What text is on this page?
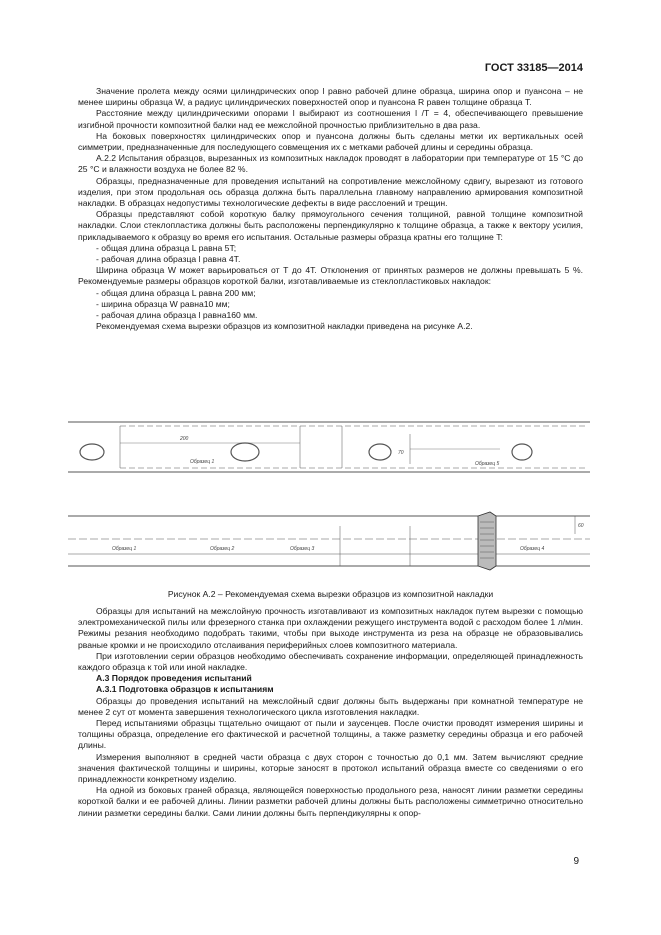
ГОСТ 33185—2014

Значение пролета между осями цилиндрических опор l равно рабочей длине образца, ширина опор и пуансона – не менее ширины образца W, а радиус цилиндрических поверхностей опор и пуансона R равен толщине образца T.

Расстояние между цилиндрическими опорами l выбирают из соотношения l /T = 4, обеспечивающего превышение изгибной прочности композитной балки над ее межслойной прочностью приблизительно в два раза.

На боковых поверхностях цилиндрических опор и пуансона должны быть сделаны метки их вертикальных осей симметрии, предназначенные для последующего совмещения их с метками рабочей длины и середины образца.

А.2.2 Испытания образцов, вырезанных из композитных накладок проводят в лаборатории при температуре от 15 °С до 25 °С и влажности воздуха не более 82 %.

Образцы, предназначенные для проведения испытаний на сопротивление межслойному сдвигу, вырезают из готового изделия, при этом продольная ось образца должна быть параллельна главному направлению армирования композитной накладки. В образцах недопустимы технологические дефекты в виде расслоений и трещин.

Образцы представляют собой короткую балку прямоугольного сечения толщиной, равной толщине композитной накладки. Слои стеклопластика должны быть расположены перпендикулярно к толщине образца, а также к вектору усилия, прикладываемого к образцу во время его испытания. Остальные размеры образца кратны его толщине T:

- общая длина образца L равна 5T;

- рабочая длина образца l равна 4T.

Ширина образца W может варьироваться от T до 4T. Отклонения от принятых размеров не должны превышать 5 %. Рекомендуемые размеры образцов короткой балки, изготавливаемые из стеклопластиковых накладок:

- общая длина образца L равна 200 мм;

- ширина образца W равна10 мм;

- рабочая длина образца l равна160 мм.

Рекомендуемая схема вырезки образцов из композитной накладки приведена на рисунке А.2.

200
70
Образец 1	Образец 5
60
Образец 1	Образец 2	Образец 3	Образец 4
Рисунок А.2 – Рекомендуемая схема вырезки образцов из композитной накладки

Образцы для испытаний на межслойную прочность изготавливают из композитных накладок путем вырезки с помощью электромеханической пилы или фрезерного станка при охлаждении режущего инструмента водой с расходом более 1 л/мин. Режимы резания необходимо подобрать такими, чтобы при выходе инструмента из реза на образце не образовывались рваные кромки и не происходило отслаивания периферийных слоев композитного материала.

При изготовлении серии образцов необходимо обеспечивать сохранение информации, определяющей принадлежность каждого образца к той или иной накладке.

А.3 Порядок проведения испытаний

А.3.1 Подготовка образцов к испытаниям

Образцы до проведения испытаний на межслойный сдвиг должны быть выдержаны при комнатной температуре не менее 2 сут от момента завершения технологического цикла изготовления накладки.

Перед испытаниями образцы тщательно очищают от пыли и заусенцев. После очистки проводят измерения ширины и толщины образца, определение его фактической и расчетной толщины, а также разметку середины образца и его рабочей длины.

Измерения выполняют в средней части образца с двух сторон с точностью до 0,1 мм. Затем вычисляют средние значения фактической толщины и ширины, которые заносят в протокол испытаний образца вместе со сведениями о его принадлежности конкретному изделию.

На одной из боковых граней образца, являющейся поверхностью продольного реза, наносят линии разметки середины короткой балки и ее рабочей длины. Линии разметки рабочей длины должны быть расположены симметрично относительно линии разметки середины балки. Сами линии должны быть перпендикулярны к опор-

9
